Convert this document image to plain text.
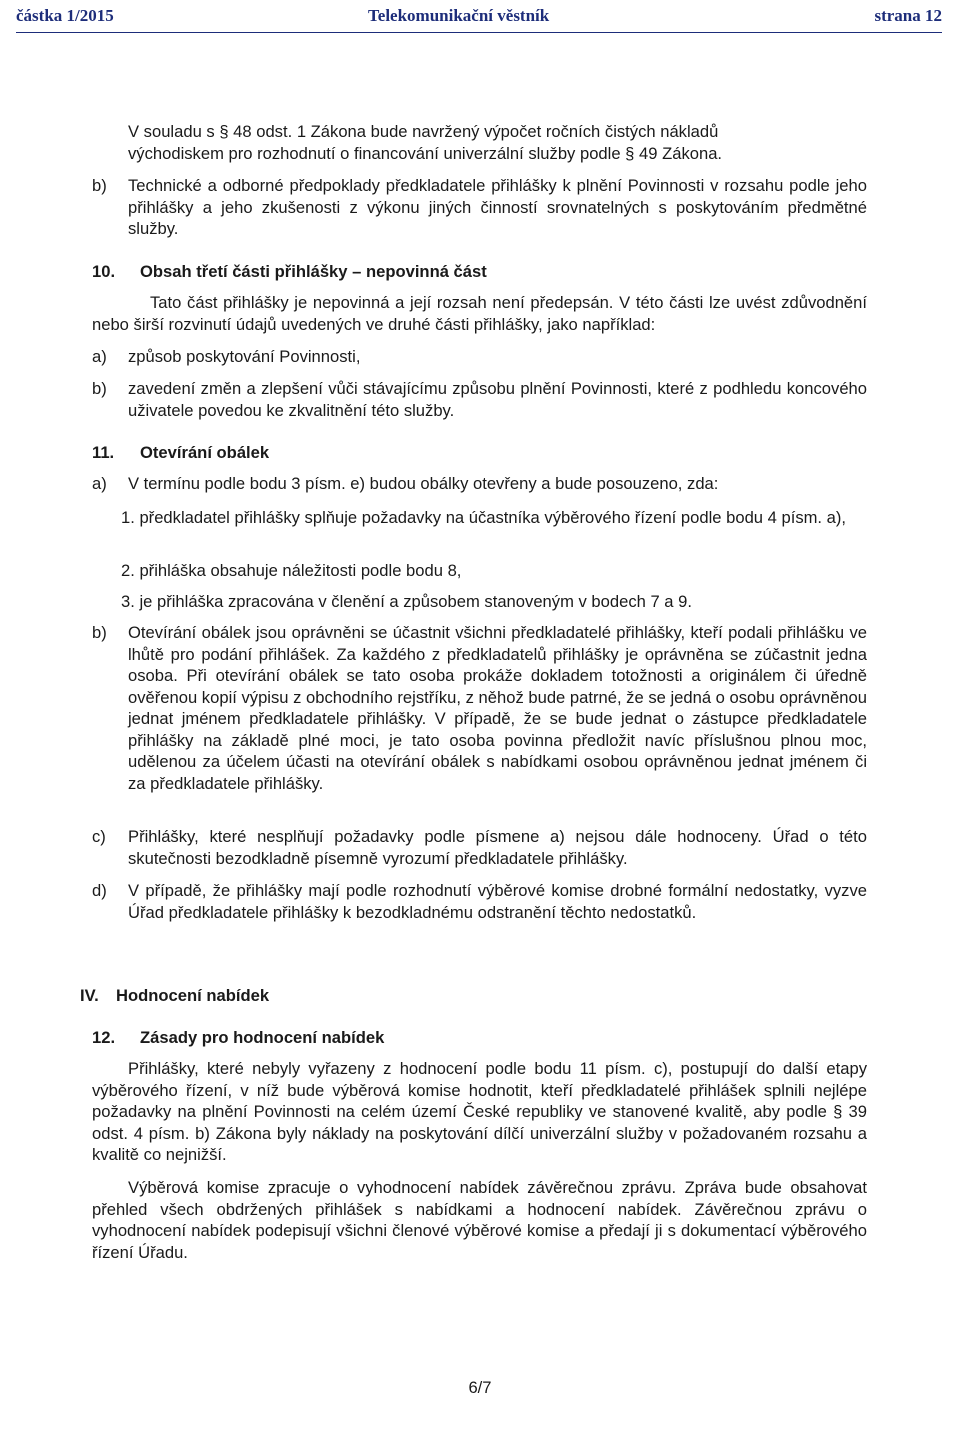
částka 1/2015	Telekomunikační věstník	strana 12
V souladu s § 48 odst. 1 Zákona bude navržený výpočet ročních čistých nákladů
východiskem pro rozhodnutí o financování univerzální služby podle § 49 Zákona.
b) Technické a odborné předpoklady předkladatele přihlášky k plnění Povinnosti v rozsahu podle jeho přihlášky a jeho zkušenosti z výkonu jiných činností srovnatelných s poskytováním předmětné služby.
10. Obsah třetí části přihlášky – nepovinná část
Tato část přihlášky je nepovinná a její rozsah není předepsán. V této části lze uvést zdůvodnění nebo širší rozvinutí údajů uvedených ve druhé části přihlášky, jako například:
a) způsob poskytování Povinnosti,
b) zavedení změn a zlepšení vůči stávajícímu způsobu plnění Povinnosti, které z podhledu koncového uživatele povedou ke zkvalitnění této služby.
11. Otevírání obálek
a) V termínu podle bodu 3 písm. e) budou obálky otevřeny a bude posouzeno, zda:
1. předkladatel přihlášky splňuje požadavky na účastníka výběrového řízení podle bodu 4 písm. a),
2. přihláška obsahuje náležitosti podle bodu 8,
3. je přihláška zpracována v členění a způsobem stanoveným v bodech 7 a 9.
b) Otevírání obálek jsou oprávněni se účastnit všichni předkladatelé přihlášky, kteří podali přihlášku ve lhůtě pro podání přihlášek. Za každého z předkladatelů přihlášky je oprávněna se zúčastnit jedna osoba. Při otevírání obálek se tato osoba prokáže dokladem totožnosti a originálem či úředně ověřenou kopií výpisu z obchodního rejstříku, z něhož bude patrné, že se jedná o osobu oprávněnou jednat jménem předkladatele přihlášky. V případě, že se bude jednat o zástupce předkladatele přihlášky na základě plné moci, je tato osoba povinna předložit navíc příslušnou plnou moc, udělenou za účelem účasti na otevírání obálek s nabídkami osobou oprávněnou jednat jménem či za předkladatele přihlášky.
c) Přihlášky, které nesplňují požadavky podle písmene a) nejsou dále hodnoceny. Úřad o této skutečnosti bezodkladně písemně vyrozumí předkladatele přihlášky.
d) V případě, že přihlášky mají podle rozhodnutí výběrové komise drobné formální nedostatky, vyzve Úřad předkladatele přihlášky k bezodkladnému odstranění těchto nedostatků.
IV. Hodnocení nabídek
12. Zásady pro hodnocení nabídek
Přihlášky, které nebyly vyřazeny z hodnocení podle bodu 11 písm. c), postupují do další etapy výběrového řízení, v níž bude výběrová komise hodnotit, kteří předkladatelé přihlášek splnili nejlépe požadavky na plnění Povinnosti na celém území České republiky ve stanovené kvalitě, aby podle § 39 odst. 4 písm. b) Zákona byly náklady na poskytování dílčí univerzální služby v požadovaném rozsahu a kvalitě co nejnižší.
Výběrová komise zpracuje o vyhodnocení nabídek závěrečnou zprávu. Zpráva bude obsahovat přehled všech obdržených přihlášek s nabídkami a hodnocení nabídek. Závěrečnou zprávu o vyhodnocení nabídek podepisují všichni členové výběrové komise a předají ji s dokumentací výběrového řízení Úřadu.
6/7
